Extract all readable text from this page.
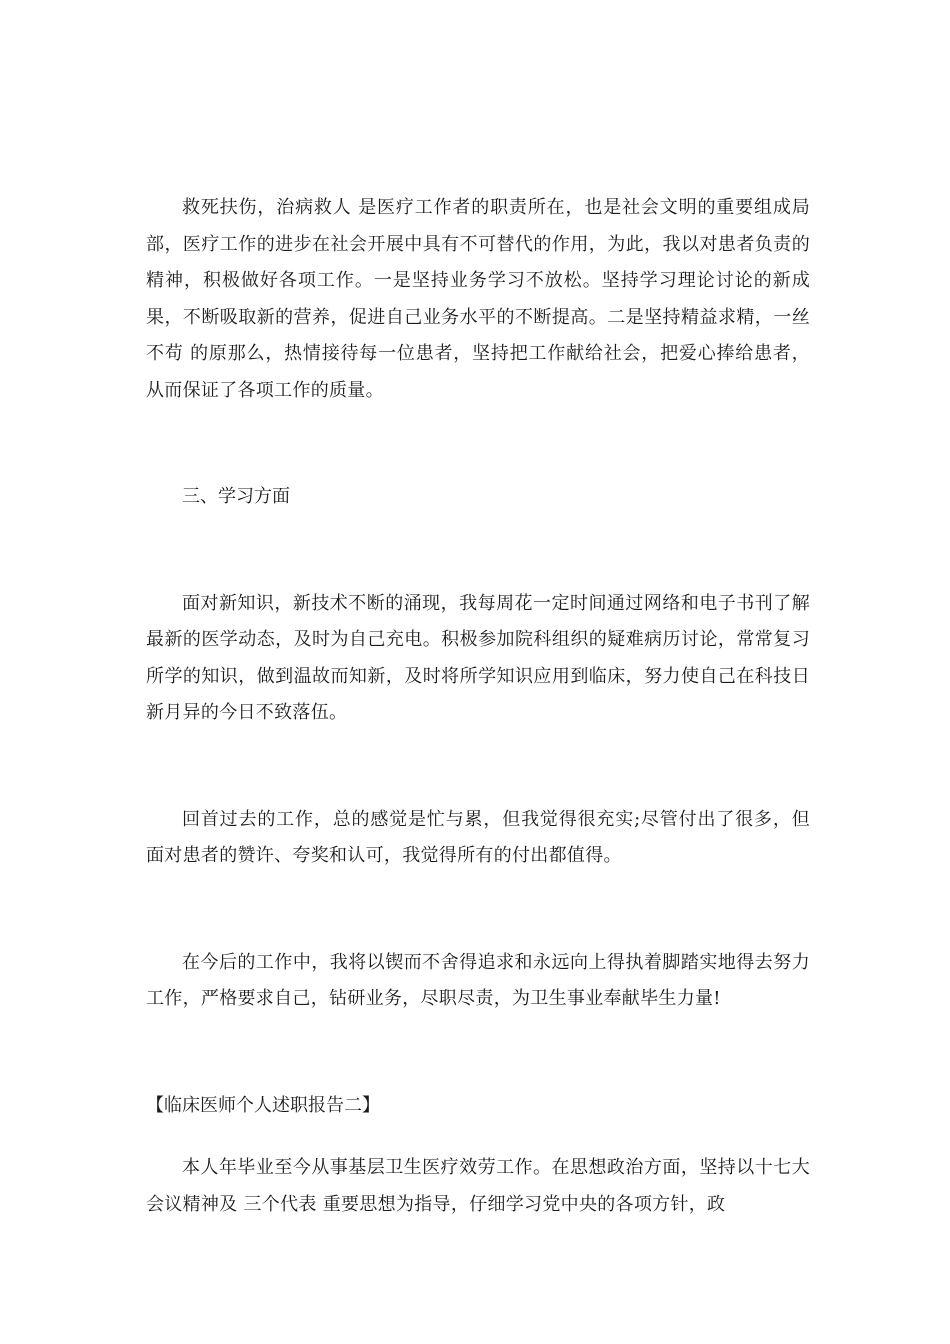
救死扶伤，治病救人 是医疗工作者的职责所在，也是社会文明的重要组成局部，医疗工作的进步在社会开展中具有不可替代的作用，为此，我以对患者负责的精神，积极做好各项工作。一是坚持业务学习不放松。坚持学习理论讨论的新成果，不断吸取新的营养，促进自己业务水平的不断提高。二是坚持精益求精，一丝不苟 的原那么，热情接待每一位患者，坚持把工作献给社会，把爱心捧给患者，从而保证了各项工作的质量。

三、学习方面

面对新知识，新技术不断的涌现，我每周花一定时间通过网络和电子书刊了解最新的医学动态，及时为自己充电。积极参加院科组织的疑难病历讨论，常常复习所学的知识，做到温故而知新，及时将所学知识应用到临床，努力使自己在科技日新月异的今日不致落伍。

回首过去的工作，总的感觉是忙与累，但我觉得很充实;尽管付出了很多，但面对患者的赞许、夸奖和认可，我觉得所有的付出都值得。

在今后的工作中，我将以锲而不舍得追求和永远向上得执着脚踏实地得去努力工作，严格要求自己，钻研业务，尽职尽责，为卫生事业奉献毕生力量!

【临床医师个人述职报告二】

本人年毕业至今从事基层卫生医疗效劳工作。在思想政治方面，坚持以十七大会议精神及 三个代表 重要思想为指导，仔细学习党中央的各项方针，政
